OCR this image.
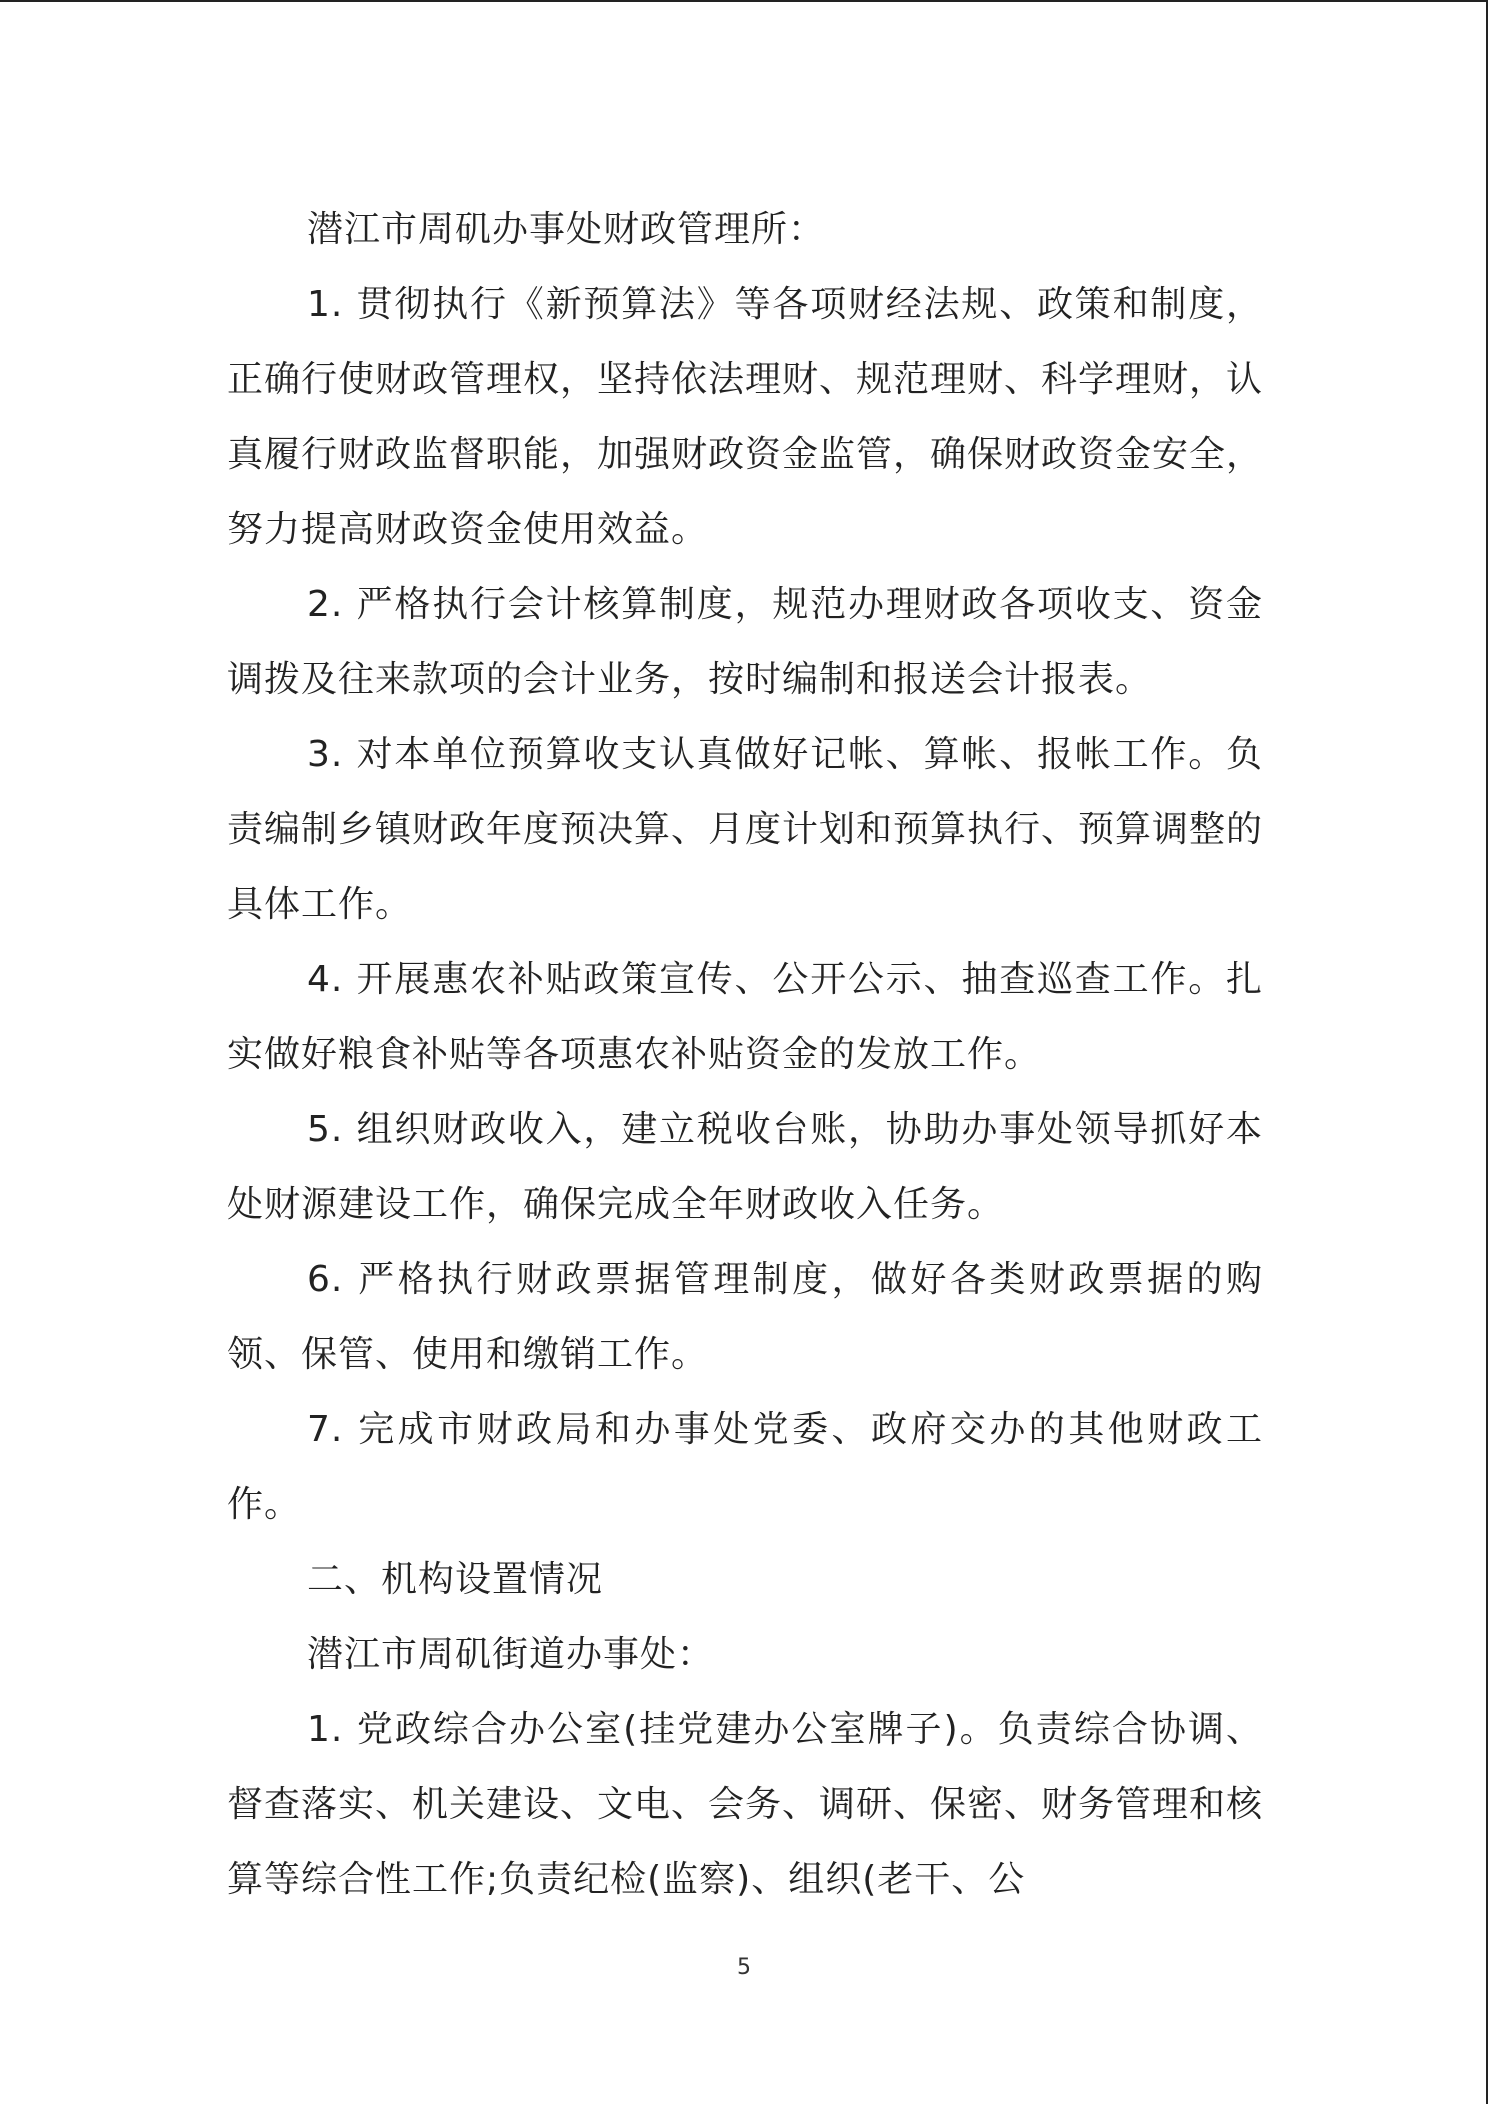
潜江市周矶办事处财政管理所：

1. 贯彻执行《新预算法》等各项财经法规、政策和制度，正确行使财政管理权，坚持依法理财、规范理财、科学理财，认真履行财政监督职能，加强财政资金监管，确保财政资金安全，努力提高财政资金使用效益。

2. 严格执行会计核算制度，规范办理财政各项收支、资金调拨及往来款项的会计业务，按时编制和报送会计报表。

3. 对本单位预算收支认真做好记帐、算帐、报帐工作。负责编制乡镇财政年度预决算、月度计划和预算执行、预算调整的具体工作。

4. 开展惠农补贴政策宣传、公开公示、抽查巡查工作。扎实做好粮食补贴等各项惠农补贴资金的发放工作。

5. 组织财政收入，建立税收台账，协助办事处领导抓好本处财源建设工作，确保完成全年财政收入任务。

6. 严格执行财政票据管理制度，做好各类财政票据的购领、保管、使用和缴销工作。

7. 完成市财政局和办事处党委、政府交办的其他财政工作。

二、机构设置情况

潜江市周矶街道办事处：

1. 党政综合办公室(挂党建办公室牌子)。负责综合协调、督查落实、机关建设、文电、会务、调研、保密、财务管理和核算等综合性工作;负责纪检(监察)、组织(老干、公

5
